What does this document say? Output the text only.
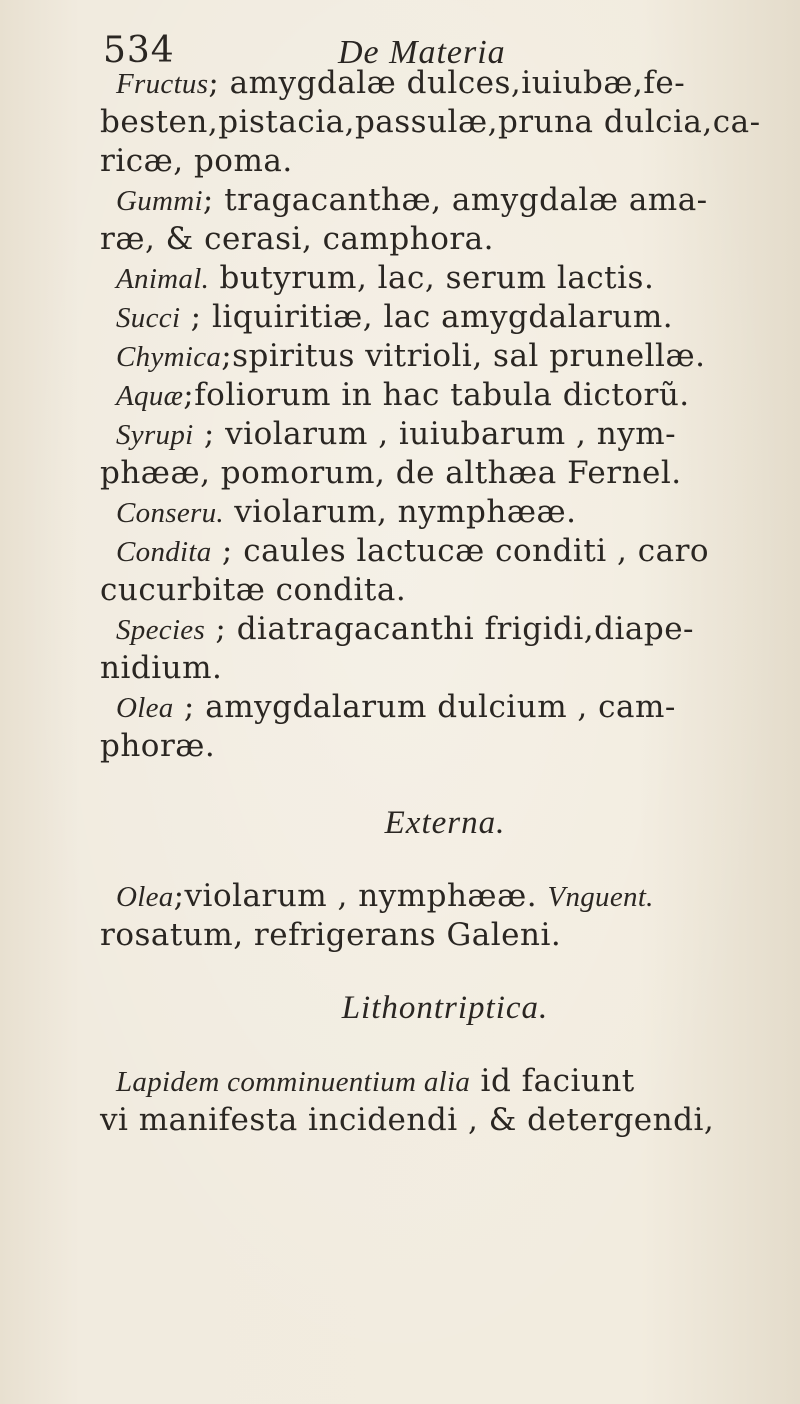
534	De Materia
Fructus; amygdalæ dulces,iuiubæ,fe-
besten,pistacia,passulæ,pruna dulcia,ca-
ricæ, poma.
Gummi; tragacanthæ, amygdalæ ama-
ræ, & cerasi, camphora.
Animal. butyrum, lac, serum lactis.
Succi ; liquiritiæ, lac amygdalarum.
Chymica;spiritus vitrioli, sal prunellæ.
Aquæ;foliorum in hac tabula dictorũ.
Syrupi ; violarum , iuiubarum , nym-
phææ, pomorum, de althæa Fernel.
Conseru. violarum, nymphææ.
Condita ; caules lactucæ conditi , caro
cucurbitæ condita.
Species ; diatragacanthi frigidi,diape-
nidium.
Olea ; amygdalarum dulcium , cam-
phoræ.
Externa.
Olea;violarum , nymphææ. Vnguent.
rosatum, refrigerans Galeni.
Lithontriptica.
Lapidem comminuentium alia id faciunt
vi manifesta incidendi , & detergendi,
